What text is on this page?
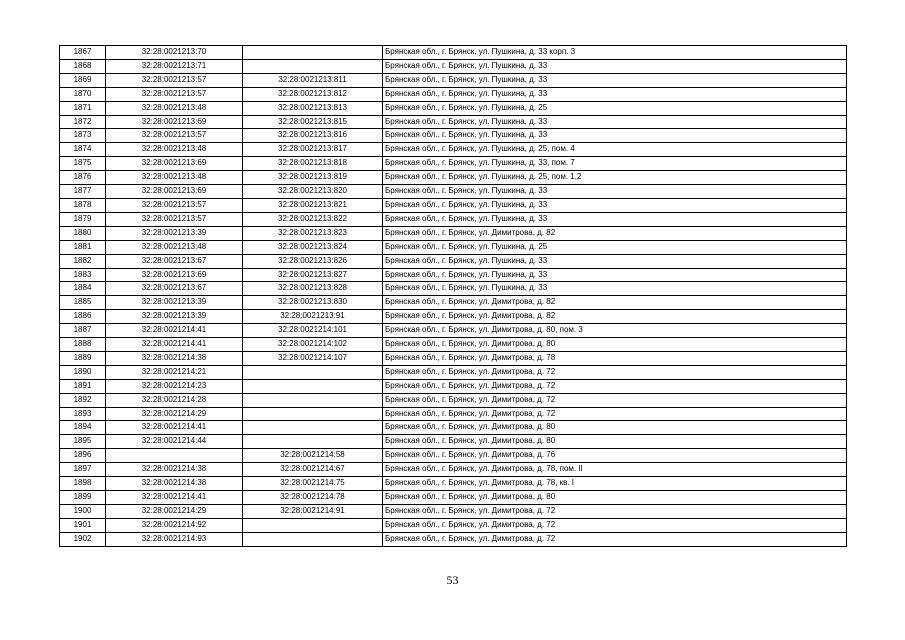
1867	32:28:0021213:70		Брянская обл., г. Брянск, ул. Пушкина, д. 33 корп. 3
1868	32:28:0021213:71		Брянская обл., г. Брянск, ул. Пушкина, д. 33
1869	32:28:0021213:57	32:28:0021213:811	Брянская обл., г. Брянск, ул. Пушкина, д. 33
1870	32:28:0021213:57	32:28:0021213:812	Брянская обл., г. Брянск, ул. Пушкина, д. 33
1871	32:28:0021213:48	32:28:0021213:813	Брянская обл., г. Брянск, ул. Пушкина, д. 25
1872	32:28:0021213:69	32:28:0021213:815	Брянская обл., г. Брянск, ул. Пушкина, д. 33
1873	32:28:0021213:57	32:28:0021213:816	Брянская обл., г. Брянск, ул. Пушкина, д. 33
1874	32:28:0021213:48	32:28:0021213:817	Брянская обл., г. Брянск, ул. Пушкина, д. 25, пом. 4
1875	32:28:0021213:69	32:28:0021213:818	Брянская обл., г. Брянск, ул. Пушкина, д. 33, пом. 7
1876	32:28:0021213:48	32:28:0021213:819	Брянская обл., г. Брянск, ул. Пушкина, д. 25, пом. 1,2
1877	32:28:0021213:69	32:28:0021213:820	Брянская обл., г. Брянск, ул. Пушкина, д. 33
1878	32:28:0021213:57	32:28:0021213:821	Брянская обл., г. Брянск, ул. Пушкина, д. 33
1879	32:28:0021213:57	32:28:0021213:822	Брянская обл., г. Брянск, ул. Пушкина, д. 33
1880	32:28:0021213:39	32:28:0021213:823	Брянская обл., г. Брянск, ул. Димитрова, д. 82
1881	32:28:0021213:48	32:28:0021213:824	Брянская обл., г. Брянск, ул. Пушкина, д. 25
1882	32:28:0021213:67	32:28:0021213:826	Брянская обл., г. Брянск, ул. Пушкина, д. 33
1883	32:28:0021213:69	32:28:0021213:827	Брянская обл., г. Брянск, ул. Пушкина, д. 33
1884	32:28:0021213:67	32:28:0021213:828	Брянская обл., г. Брянск, ул. Пушкина, д. 33
1885	32:28:0021213:39	32:28:0021213:830	Брянская обл., г. Брянск, ул. Димитрова, д. 82
1886	32:28:0021213:39	32:28:0021213:91	Брянская обл., г. Брянск, ул. Димитрова, д. 82
1887	32:28:0021214:41	32:28:0021214:101	Брянская обл., г. Брянск, ул. Димитрова, д. 80, пом. 3
1888	32:28:0021214:41	32:28:0021214:102	Брянская обл., г. Брянск, ул. Димитрова, д. 80
1889	32:28:0021214:38	32:28:0021214:107	Брянская обл., г. Брянск, ул. Димитрова, д. 78
1890	32:28:0021214:21		Брянская обл., г. Брянск, ул. Димитрова, д. 72
1891	32:28:0021214:23		Брянская обл., г. Брянск, ул. Димитрова, д. 72
1892	32:28:0021214:28		Брянская обл., г. Брянск, ул. Димитрова, д. 72
1893	32:28:0021214:29		Брянская обл., г. Брянск, ул. Димитрова, д. 72
1894	32:28:0021214:41		Брянская обл., г. Брянск, ул. Димитрова, д. 80
1895	32:28:0021214:44		Брянская обл., г. Брянск, ул. Димитрова, д. 80
1896		32:28:0021214:58	Брянская обл., г. Брянск, ул. Димитрова, д. 76
1897	32:28:0021214:38	32:28:0021214:67	Брянская обл., г. Брянск, ул. Димитрова, д. 78, пом. II
1898	32:28:0021214:38	32:28:0021214:75	Брянская обл., г. Брянск, ул. Димитрова, д. 78, кв. I
1899	32:28:0021214:41	32:28:0021214:78	Брянская обл., г. Брянск, ул. Димитрова, д. 80
1900	32:28:0021214:29	32:28:0021214:91	Брянская обл., г. Брянск, ул. Димитрова, д. 72
1901	32:28:0021214:92		Брянская обл., г. Брянск, ул. Димитрова, д. 72
1902	32:28:0021214:93		Брянская обл., г. Брянск, ул. Димитрова, д. 72
53
